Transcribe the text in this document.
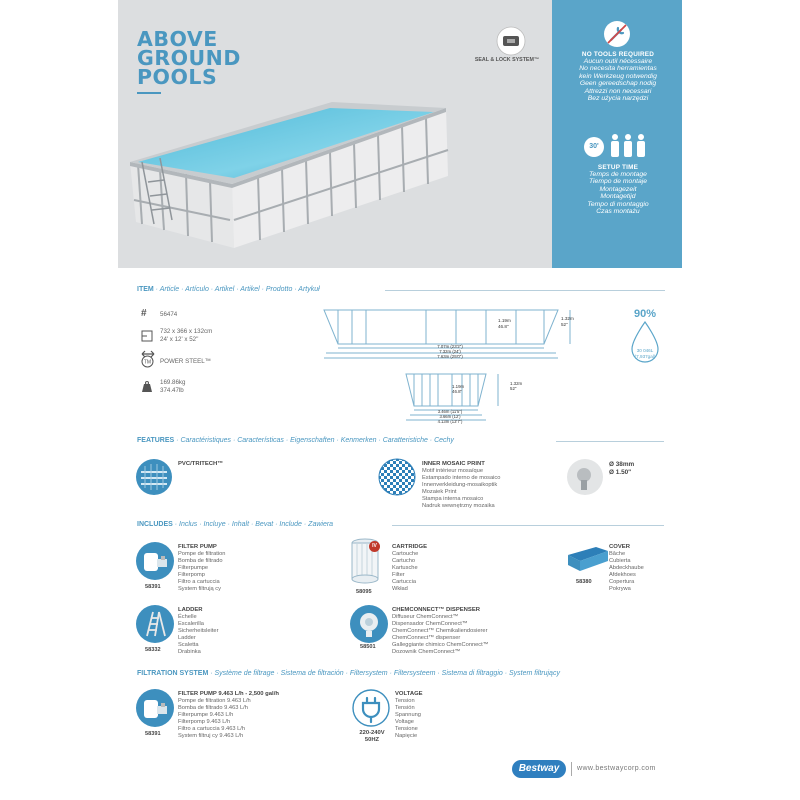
ABOVE
GROUND
POOLS
SEAL & LOCK SYSTEM™
NO TOOLS REQUIRED
Aucun outil nécessaire
No necesita herramientas
kein Werkzeug notwendig
Geen gereedschap nodig
Attrezzi non necessari
Bez użycia narzędzi
30'
SETUP TIME
Temps de montage
Tiempo de montaje
Montagezeit
Montagetijd
Tempo di montaggio
Czas montażu
ITEM · Article · Artículo · Artikel · Artikel · Prodotto · Artykuł
# 56474
732 x 366 x 132cm
24' x 12' x 52''
TM POWER STEEL™
169.86kg
374.47lb
1.19m
46.8"
1.32m
52"
7.07m (23'2")
7.32m (24')
7.63m (25'0")
1.19m
46.8"
1.32m
52"
3.46m (11'5")
3.66m (12')
4.13m (13'7")
90%
30 046L
(7,937gal)
FEATURES · Caractéristiques · Características · Eigenschaften · Kenmerken · Caratteristiche · Cechy
PVC/TRITECH™	INNER MOSAIC PRINT
Motif intérieur mosaïque
Estampado interno de mosaico
Innenverkleidung-mosaikoptik
Mozaiek Print
Stampa interna mosaico
Nadruk wewnętrzny mozaika
Ø 38mm
Ø 1.50"
INCLUDES · Inclus · Incluye · Inhalt · Bevat · Include · Zawiera
58391
FILTER PUMP
Pompe de filtration
Bomba de filtrado
Filterpumpe
Filterpomp
Filtro a cartuccia
System filtrują cy
IV
58095
CARTRIDGE
Cartouche
Cartucho
Kartusche
Filter
Cartuccia
Wkład
58380
COVER
Bâche
Cubierta
Abdeckhaube
Afdekhoes
Copertura
Pokrywa
58332
LADDER
Échelle
Escalerilla
Sicherheitsleiter
Ladder
Scaletta
Drabinka
58501
CHEMCONNECT™ DISPENSER
Diffuseur ChemConnect™
Dispensador ChemConnect™
ChemConnect™ Chemikaliendosierer
ChemConnect™ dispenser
Galleggiante chimico ChemConnect™
Dozownik ChemConnect™
FILTRATION SYSTEM · Système de filtrage · Sistema de filtración · Filtersystem · Filtersysteem · Sistema di filtraggio · System filtrujący
58391
FILTER PUMP 9.463 L/h - 2,500 gal/h
Pompe de filtration 9.463 L/h
Bomba de filtrado 9.463 L/h
Filterpumpe 9.463 L/h
Filterpomp 9.463 L/h
Filtro a cartuccia 9.463 L/h
System filtruj cy 9.463 L/h	220-240V
50HZ
VOLTAGE
Tension
Tensión
Spannung
Voltage
Tensione
Napięcie
Bestway	www.bestwaycorp.com
